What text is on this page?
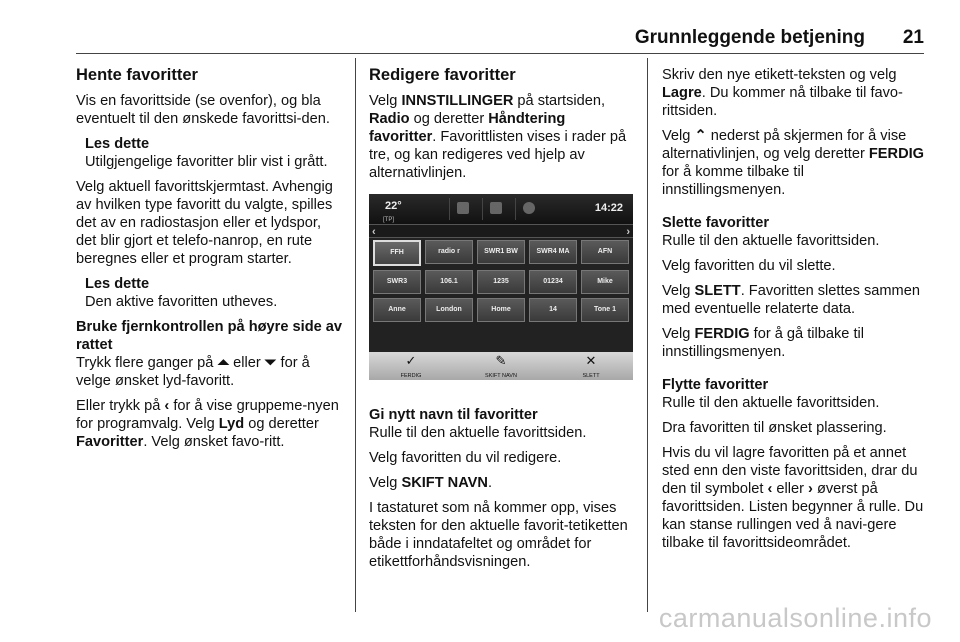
Grunnleggende betjening 21
Hente favoritter

Vis en favorittside (se ovenfor), og bla eventuelt til den ønskede favorittsi-den.

Les dette
Utilgjengelige favoritter blir vist i grått.

Velg aktuell favorittskjermtast. Avhengig av hvilken type favoritt du valgte, spilles det av en radiostasjon eller et lydspor, det blir gjort et telefo-nanrop, en rute beregnes eller et program starter.

Les dette
Den aktive favoritten utheves.

Bruke fjernkontrollen på høyre side av rattet

Trykk flere ganger på ⏶ eller ⏷ for å velge ønsket lyd-favoritt.

Eller trykk på ‹ for å vise gruppeme-nyen for programvalg. Velg Lyd og deretter Favoritter. Velg ønsket favo-ritt.

Redigere favoritter

Velg INNSTILLINGER på startsiden, Radio og deretter Håndtering favoritter. Favorittlisten vises i rader på tre, og kan redigeres ved hjelp av alternativlinjen.

22°
[TP]
14:22
‹	›
FFH	radio r	SWR1 BW	SWR4 MA	AFN
SWR3	106.1	1235	01234	Mike
Anne	London	Home	14	Tone 1
✓
FERDIG
✎
SKIFT NAVN
✕
SLETT

Gi nytt navn til favoritter

Rulle til den aktuelle favorittsiden.

Velg favoritten du vil redigere.

Velg SKIFT NAVN.

I tastaturet som nå kommer opp, vises teksten for den aktuelle favorit-tetiketten både i inndatafeltet og området for etikettforhåndsvisningen.

Skriv den nye etikett-teksten og velg Lagre. Du kommer nå tilbake til favo-rittsiden.

Velg ⌃ nederst på skjermen for å vise alternativlinjen, og velg deretter FERDIG for å komme tilbake til innstillingsmenyen.

Slette favoritter

Rulle til den aktuelle favorittsiden.

Velg favoritten du vil slette.

Velg SLETT. Favoritten slettes sammen med eventuelle relaterte data.

Velg FERDIG for å gå tilbake til innstillingsmenyen.

Flytte favoritter

Rulle til den aktuelle favorittsiden.

Dra favoritten til ønsket plassering.

Hvis du vil lagre favoritten på et annet sted enn den viste favorittsiden, drar du den til symbolet ‹ eller › øverst på favorittsiden. Listen begynner å rulle. Du kan stanse rullingen ved å navi-gere tilbake til favorittsideområdet.

carmanualsonline.info
